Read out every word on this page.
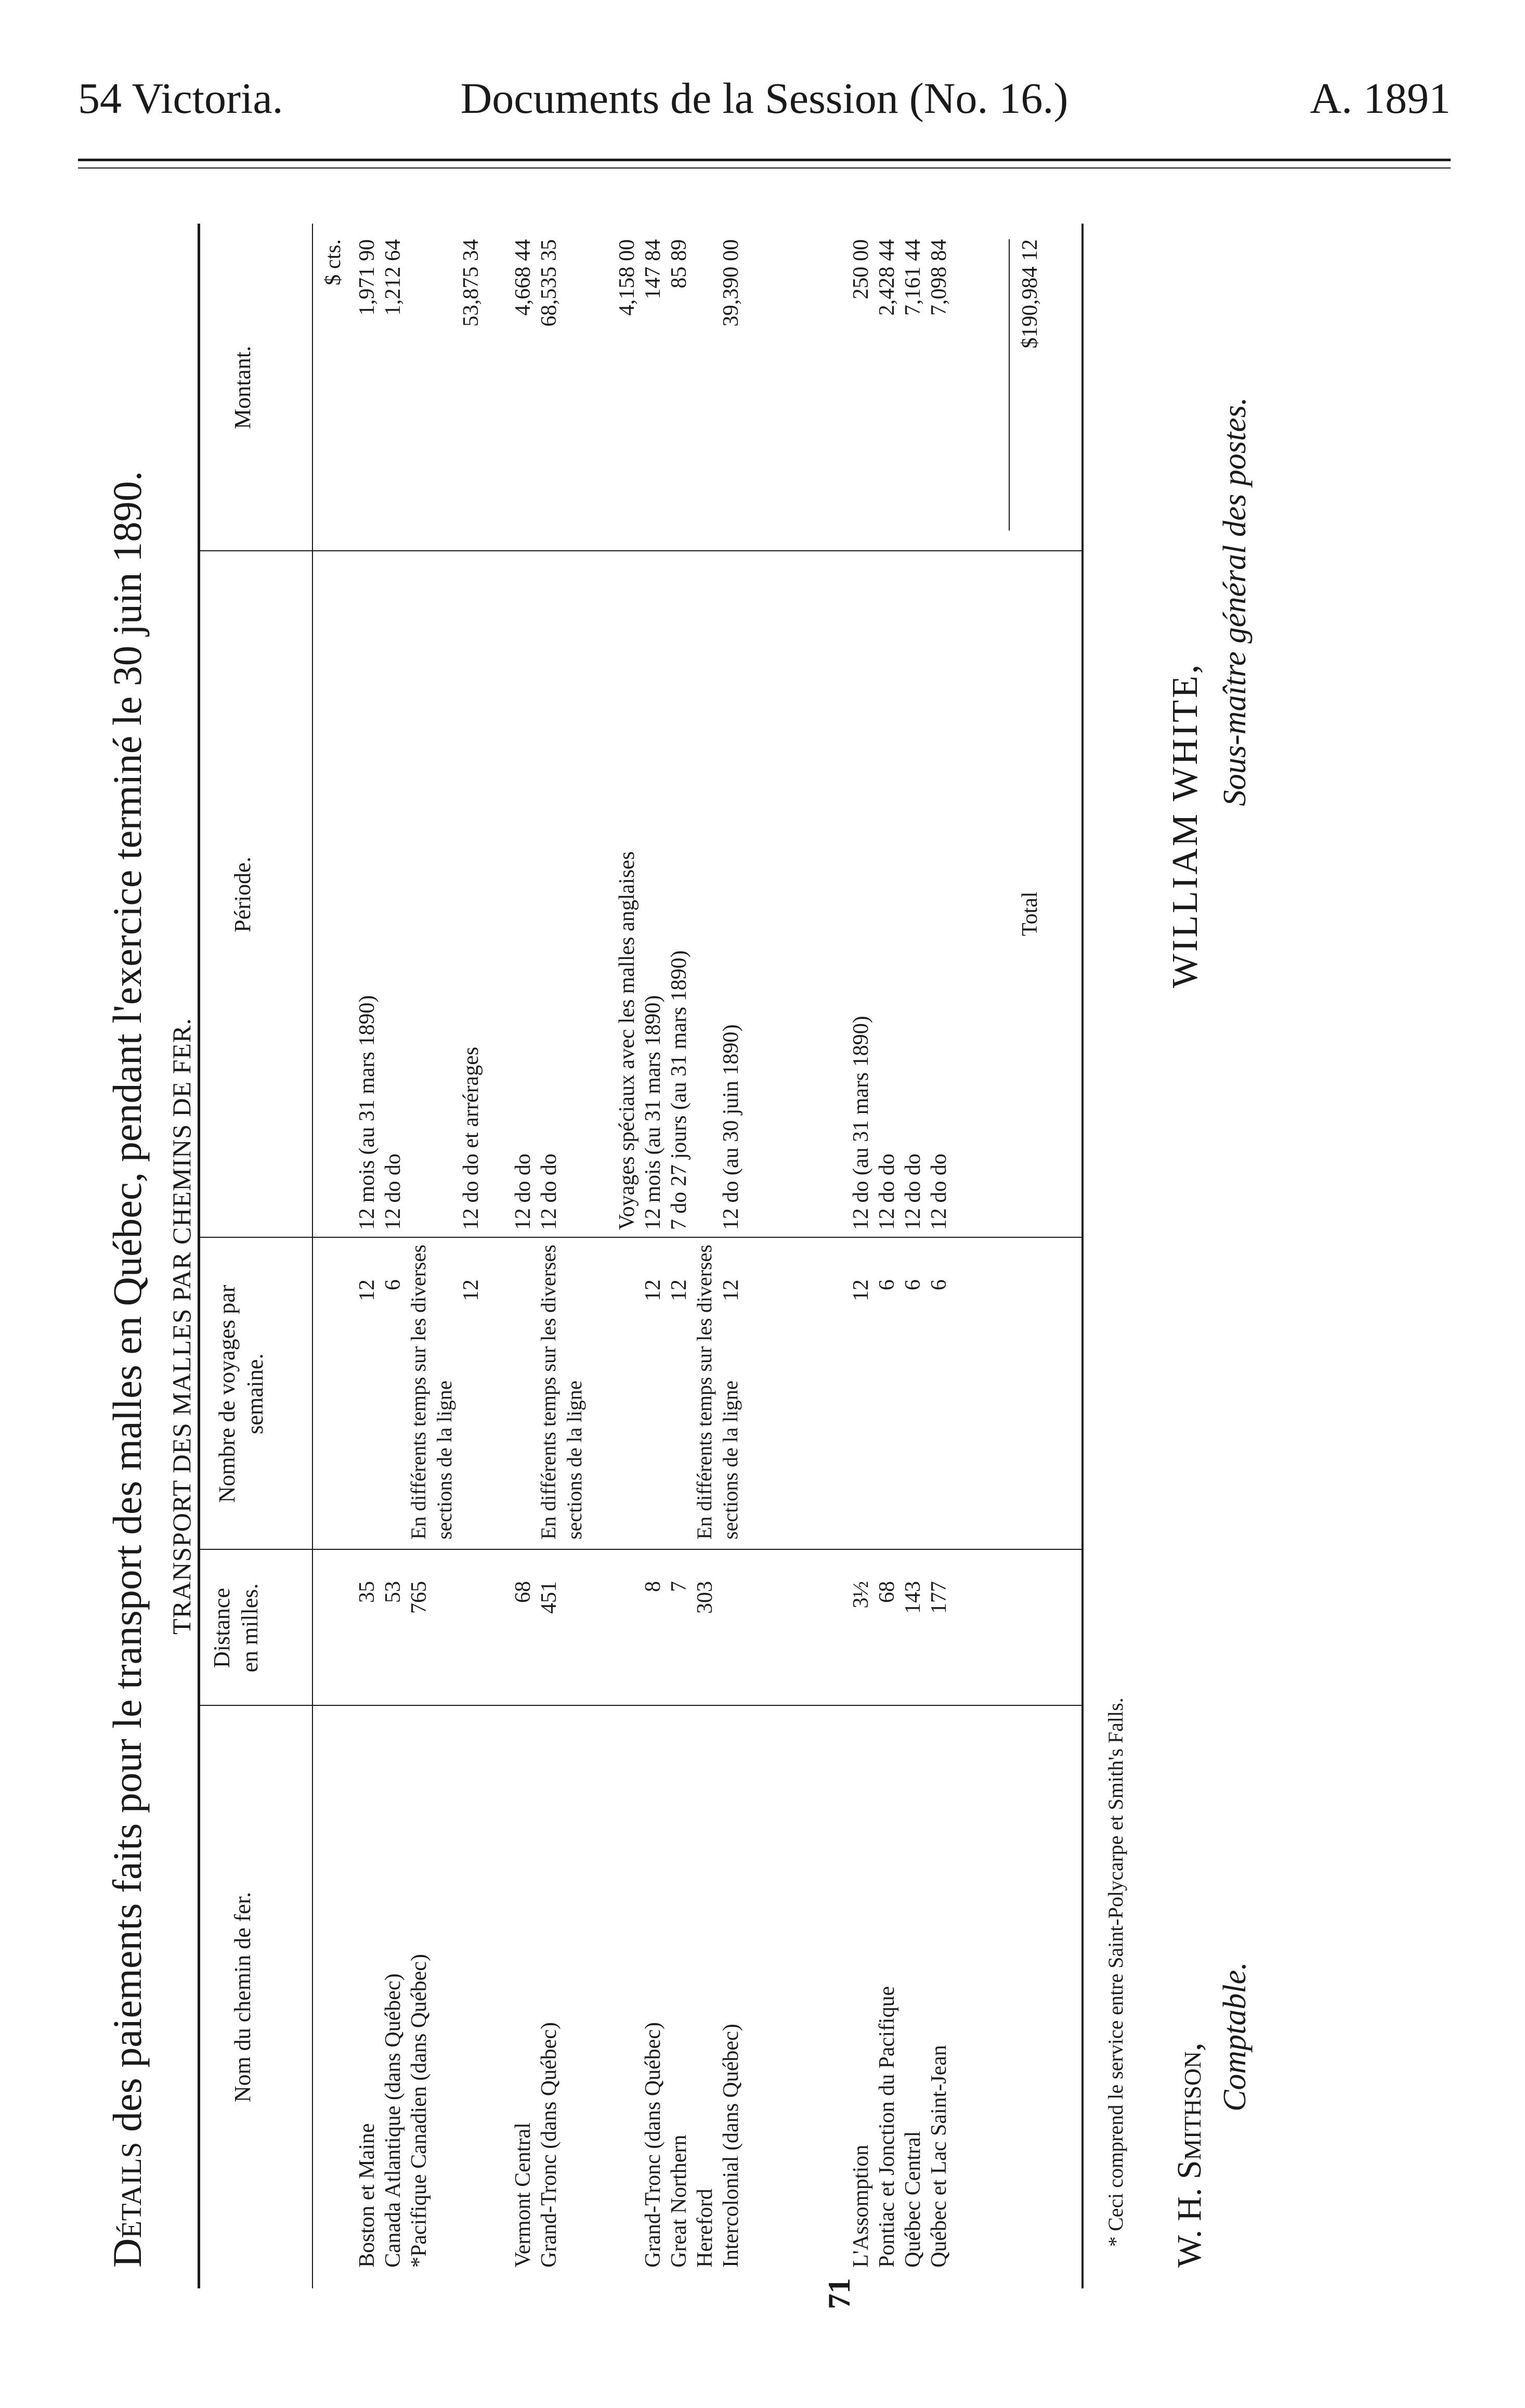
54 Victoria.	Documents de la Session (No. 16.)	A. 1891
Détails des paiements faits pour le transport des malles en Québec, pendant l'exercice terminé le 30 juin 1890. TRANSPORT DES MALLES PAR CHEMINS DE FER.
Nom du chemin de fer.
Distance en milles.
Nombre de voyages par semaine.
Période.
Montant.
$ cts.
Boston et Maine
35
12
12 mois (au 31 mars 1890)
1,971 90
Canada Atlantique (dans Québec)
53
6
12 do do
1,212 64
*Pacifique Canadien (dans Québec)
765
En différents temps sur les diverses sections de la ligne
12
12 do do et arrérages
53,875 34
Vermont Central
68
12 do do
4,668 44
Grand-Tronc (dans Québec)
451
En différents temps sur les diverses sections de la ligne
12 do do
68,535 35
Voyages spéciaux avec les malles anglaises
4,158 00
Grand-Tronc (dans Québec)
8
12
12 mois (au 31 mars 1890)
147 84
Great Northern
7
12
7 do 27 jours (au 31 mars 1890)
85 89
Hereford
303
En différents temps sur les diverses sections de la ligne
Intercolonial (dans Québec)
12
12 do (au 30 juin 1890)
39,390 00
L'Assomption
3½
12
12 do (au 31 mars 1890)
250 00
Pontiac et Jonction du Pacifique
68
6
12 do do
2,428 44
Québec Central
143
6
12 do do
7,161 44
Québec et Lac Saint-Jean
177
6
12 do do
7,098 84
Total
$190,984 12
* Ceci comprend le service entre Saint-Polycarpe et Smith's Falls. W. H. Smithson,
Comptable.
WILLIAM WHITE,
Sous-maître général des postes.
71
